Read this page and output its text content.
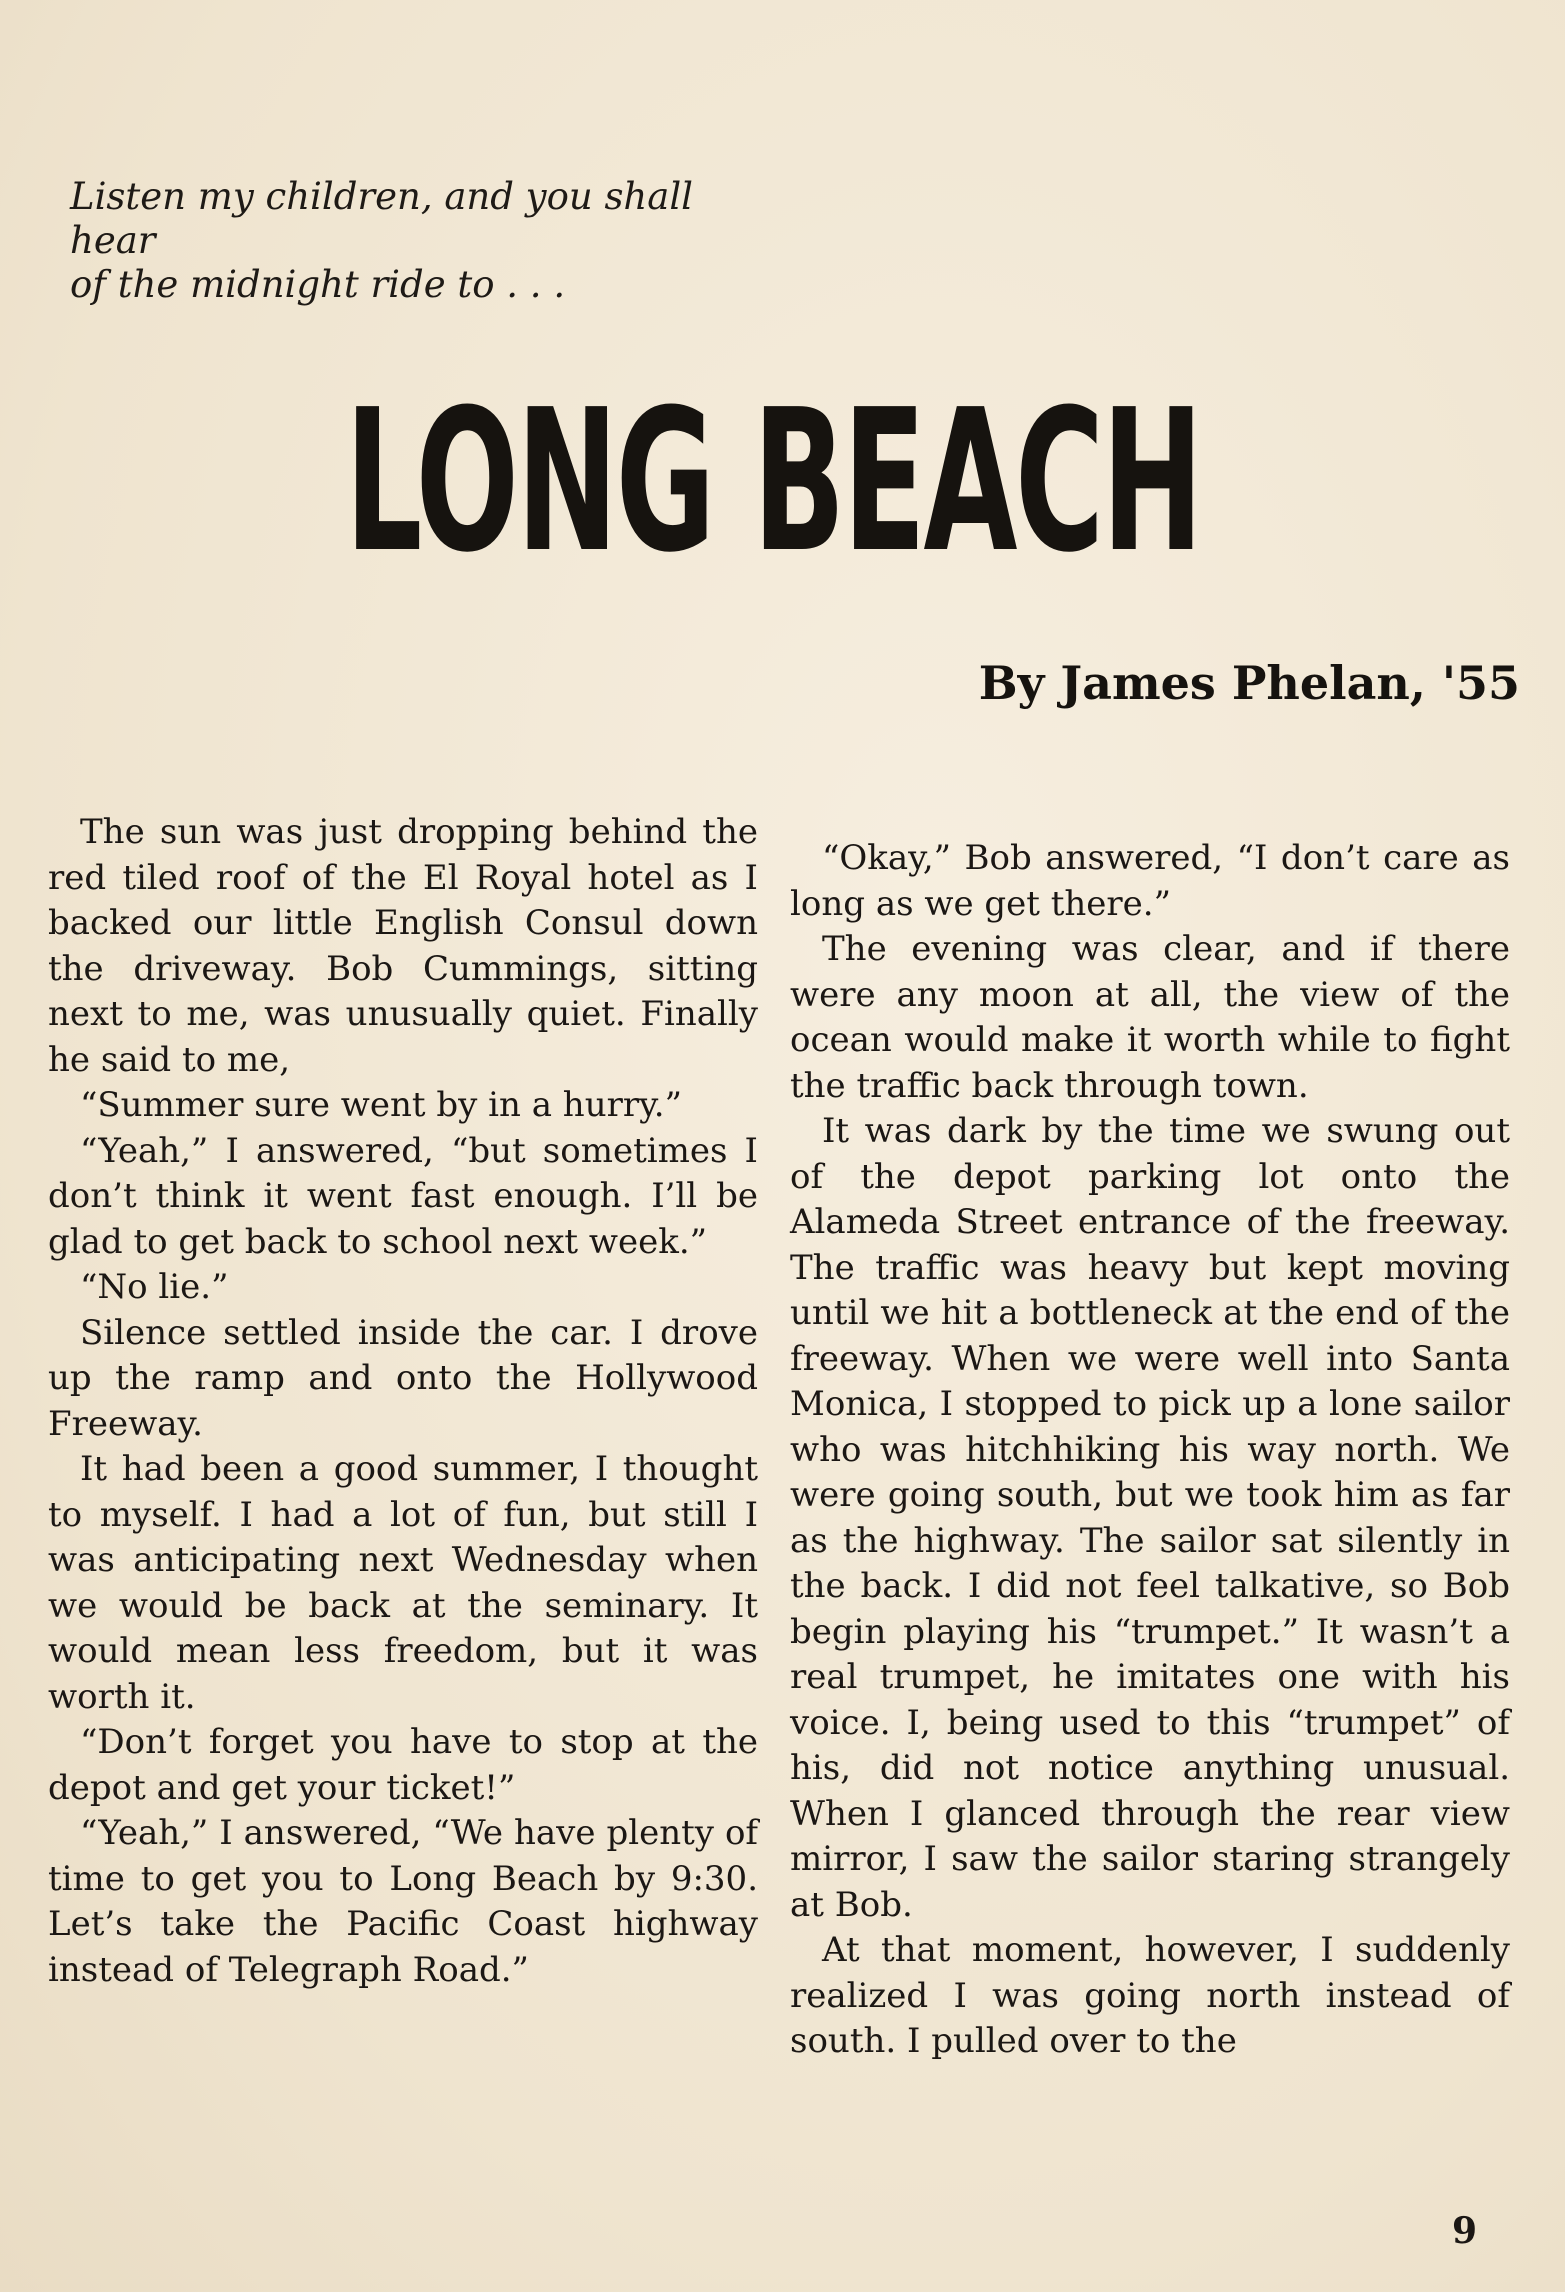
Listen my children, and you shall hear
of the midnight ride to . . .
LONG BEACH
By James Phelan, '55

The sun was just dropping behind the red tiled roof of the El Royal hotel as I backed our little English Consul down the driveway. Bob Cummings, sitting next to me, was unusually quiet. Finally he said to me,

“Summer sure went by in a hurry.”

“Yeah,” I answered, “but sometimes I don’t think it went fast enough. I’ll be glad to get back to school next week.”

“No lie.”

Silence settled inside the car. I drove up the ramp and onto the Hollywood Freeway.

It had been a good summer, I thought to myself. I had a lot of fun, but still I was anticipating next Wednesday when we would be back at the seminary. It would mean less freedom, but it was worth it.

“Don’t forget you have to stop at the depot and get your ticket!”

“Yeah,” I answered, “We have plenty of time to get you to Long Beach by 9:30. Let’s take the Pacific Coast highway instead of Telegraph Road.”

“Okay,” Bob answered, “I don’t care as long as we get there.”

The evening was clear, and if there were any moon at all, the view of the ocean would make it worth while to fight the traffic back through town.

It was dark by the time we swung out of the depot parking lot onto the Alameda Street entrance of the freeway. The traffic was heavy but kept moving until we hit a bottleneck at the end of the freeway. When we were well into Santa Monica, I stopped to pick up a lone sailor who was hitchhiking his way north. We were going south, but we took him as far as the highway. The sailor sat silently in the back. I did not feel talkative, so Bob begin playing his “trumpet.” It wasn’t a real trumpet, he imitates one with his voice. I, being used to this “trumpet” of his, did not notice anything unusual. When I glanced through the rear view mirror, I saw the sailor staring strangely at Bob.

At that moment, however, I suddenly realized I was going north instead of south. I pulled over to the

9
